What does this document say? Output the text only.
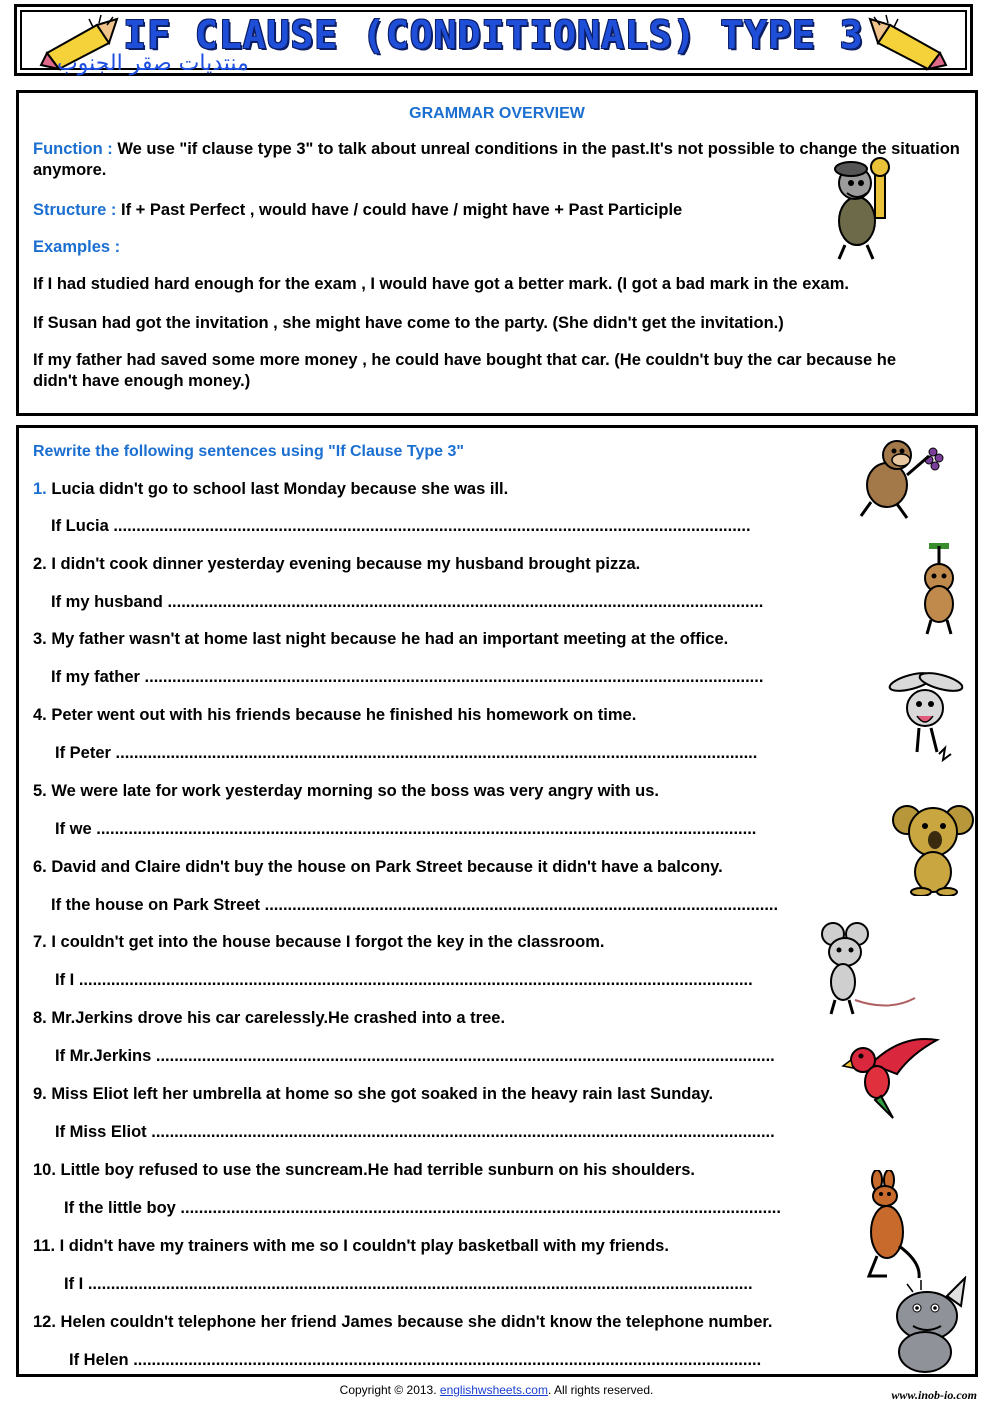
IF CLAUSE (CONDITIONALS) TYPE 3
منتديات صقر الجنوب
GRAMMAR OVERVIEW
Function : We use "if clause type 3" to talk about unreal conditions in the past.It's not possible to change the situation anymore.
Structure : If + Past Perfect , would have / could have / might have + Past Participle
Examples :
If I had studied hard enough for the exam , I would have got a better mark. (I got a bad mark in the exam.
If Susan had got the invitation , she might have come to the party. (She didn't get the invitation.)
If my father had saved some more money , he could have bought that car. (He couldn't buy the car because he didn't have enough money.)
Rewrite the following sentences using "If Clause Type 3"
1. Lucia didn't go to school last Monday because she was ill.
If Lucia ...........................................................................................................................................
2. I didn't cook dinner yesterday evening because my husband brought pizza.
If my husband ..................................................................................................................................
3. My father wasn't at home last night because he had an important meeting at the office.
If my father .......................................................................................................................................
4. Peter went out with his friends because he finished his homework on time.
If Peter ............................................................................................................................................
5. We were late for work yesterday morning so the boss was very angry with us.
If we ................................................................................................................................................
6. David and Claire didn't buy the house on Park Street because it didn't have a balcony.
If the house on Park Street ................................................................................................................
7. I couldn't get into the house because I forgot the key in the classroom.
If I ...................................................................................................................................................
8. Mr.Jerkins drove his car carelessly.He crashed into a tree.
If Mr.Jerkins .......................................................................................................................................
9. Miss Eliot left her umbrella at home so she got soaked in the heavy rain last Sunday.
If Miss Eliot ........................................................................................................................................
10. Little boy refused to use the suncream.He had terrible sunburn on his shoulders.
If the little boy ...................................................................................................................................
11. I didn't have my trainers with me so I couldn't play basketball with my friends.
If I .................................................................................................................................................
12. Helen couldn't telephone her friend James because she didn't know the telephone number.
If Helen .........................................................................................................................................
Copyright © 2013. englishwsheets.com. All rights reserved.	www.inob-io.com
